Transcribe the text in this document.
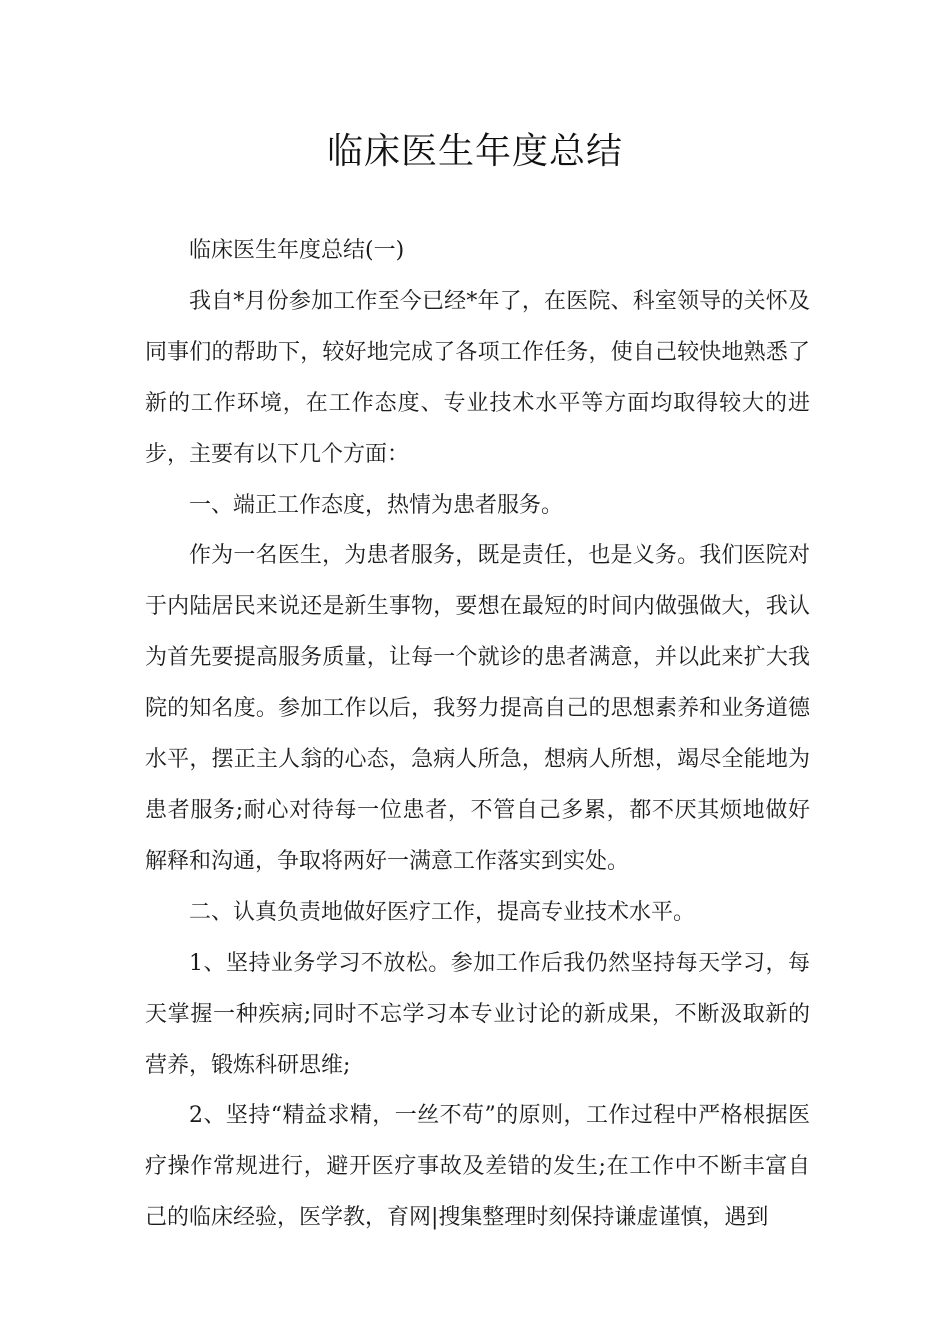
临床医生年度总结

临床医生年度总结(一)

我自*月份参加工作至今已经*年了，在医院、科室领导的关怀及同事们的帮助下，较好地完成了各项工作任务，使自己较快地熟悉了新的工作环境，在工作态度、专业技术水平等方面均取得较大的进步，主要有以下几个方面：

一、端正工作态度，热情为患者服务。

作为一名医生，为患者服务，既是责任，也是义务。我们医院对于内陆居民来说还是新生事物，要想在最短的时间内做强做大，我认为首先要提高服务质量，让每一个就诊的患者满意，并以此来扩大我院的知名度。参加工作以后，我努力提高自己的思想素养和业务道德水平，摆正主人翁的心态，急病人所急，想病人所想，竭尽全能地为患者服务;耐心对待每一位患者，不管自己多累，都不厌其烦地做好解释和沟通，争取将两好一满意工作落实到实处。

二、认真负责地做好医疗工作，提高专业技术水平。

1、坚持业务学习不放松。参加工作后我仍然坚持每天学习，每天掌握一种疾病;同时不忘学习本专业讨论的新成果，不断汲取新的营养，锻炼科研思维;

2、坚持“精益求精，一丝不苟”的原则，工作过程中严格根据医疗操作常规进行，避开医疗事故及差错的发生;在工作中不断丰富自己的临床经验，医学教，育网|搜集整理时刻保持谦虚谨慎，遇到
